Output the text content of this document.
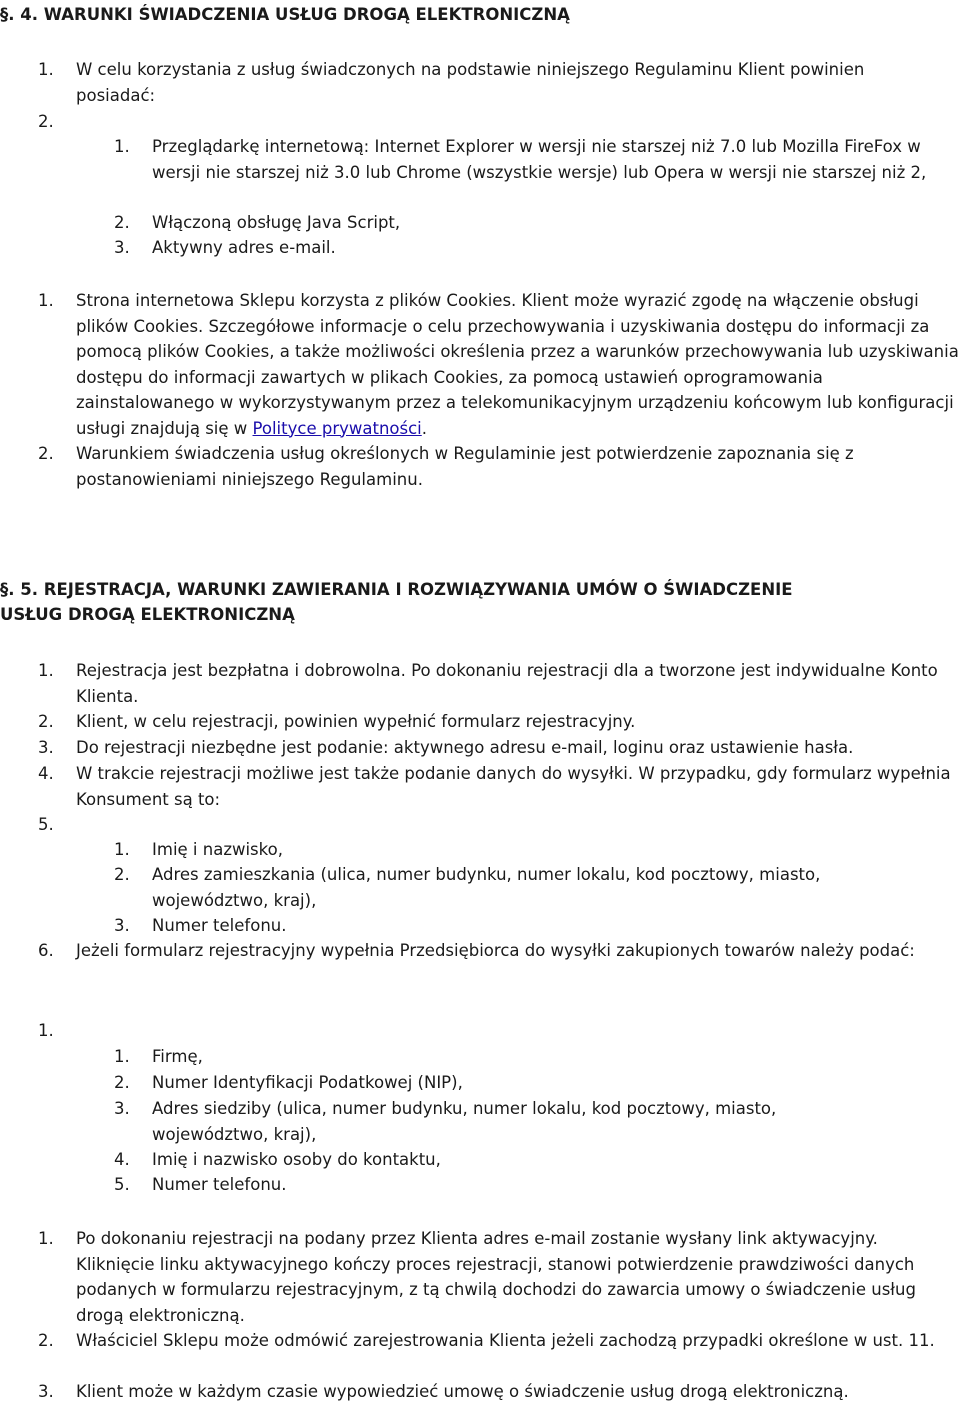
§. 4. WARUNKI ŚWIADCZENIA USŁUG DROGĄ ELEKTRONICZNĄ
1. W celu korzystania z usług świadczonych na podstawie niniejszego Regulaminu Klient powinien posiadać:
2.
1. Przeglądarkę internetową: Internet Explorer w wersji nie starszej niż 7.0 lub Mozilla FireFox w wersji nie starszej niż 3.0 lub Chrome (wszystkie wersje) lub Opera w wersji nie starszej niż 2,
2. Włączoną obsługę Java Script,
3. Aktywny adres e-mail.
1. Strona internetowa Sklepu korzysta z plików Cookies. Klient może wyrazić zgodę na włączenie obsługi plików Cookies. Szczegółowe informacje o celu przechowywania i uzyskiwania dostępu do informacji za pomocą plików Cookies, a także możliwości określenia przez a warunków przechowywania lub uzyskiwania dostępu do informacji zawartych w plikach Cookies, za pomocą ustawień oprogramowania zainstalowanego w wykorzystywanym przez a telekomunikacyjnym urządzeniu końcowym lub konfiguracji usługi znajdują się w Polityce prywatności.
2. Warunkiem świadczenia usług określonych w Regulaminie jest potwierdzenie zapoznania się z postanowieniami niniejszego Regulaminu.
§. 5. REJESTRACJA, WARUNKI ZAWIERANIA I ROZWIĄZYWANIA UMÓW O ŚWIADCZENIE
USŁUG DROGĄ ELEKTRONICZNĄ
1. Rejestracja jest bezpłatna i dobrowolna. Po dokonaniu rejestracji dla a tworzone jest indywidualne Konto Klienta.
2. Klient, w celu rejestracji, powinien wypełnić formularz rejestracyjny.
3. Do rejestracji niezbędne jest podanie: aktywnego adresu e-mail, loginu oraz ustawienie hasła.
4. W trakcie rejestracji możliwe jest także podanie danych do wysyłki. W przypadku, gdy formularz wypełnia Konsument są to:
5.
1. Imię i nazwisko,
2. Adres zamieszkania (ulica, numer budynku, numer lokalu, kod pocztowy, miasto, województwo, kraj),
3. Numer telefonu.
6. Jeżeli formularz rejestracyjny wypełnia Przedsiębiorca do wysyłki zakupionych towarów należy podać:
1.
1. Firmę,
2. Numer Identyfikacji Podatkowej (NIP),
3. Adres siedziby (ulica, numer budynku, numer lokalu, kod pocztowy, miasto, województwo, kraj),
4. Imię i nazwisko osoby do kontaktu,
5. Numer telefonu.
1. Po dokonaniu rejestracji na podany przez Klienta adres e-mail zostanie wysłany link aktywacyjny. Kliknięcie linku aktywacyjnego kończy proces rejestracji, stanowi potwierdzenie prawdziwości danych podanych w formularzu rejestracyjnym, z tą chwilą dochodzi do zawarcia umowy o świadczenie usług drogą elektroniczną.
2. Właściciel Sklepu może odmówić zarejestrowania Klienta jeżeli zachodzą przypadki określone w ust. 11.
3. Klient może w każdym czasie wypowiedzieć umowę o świadczenie usług drogą elektroniczną.
